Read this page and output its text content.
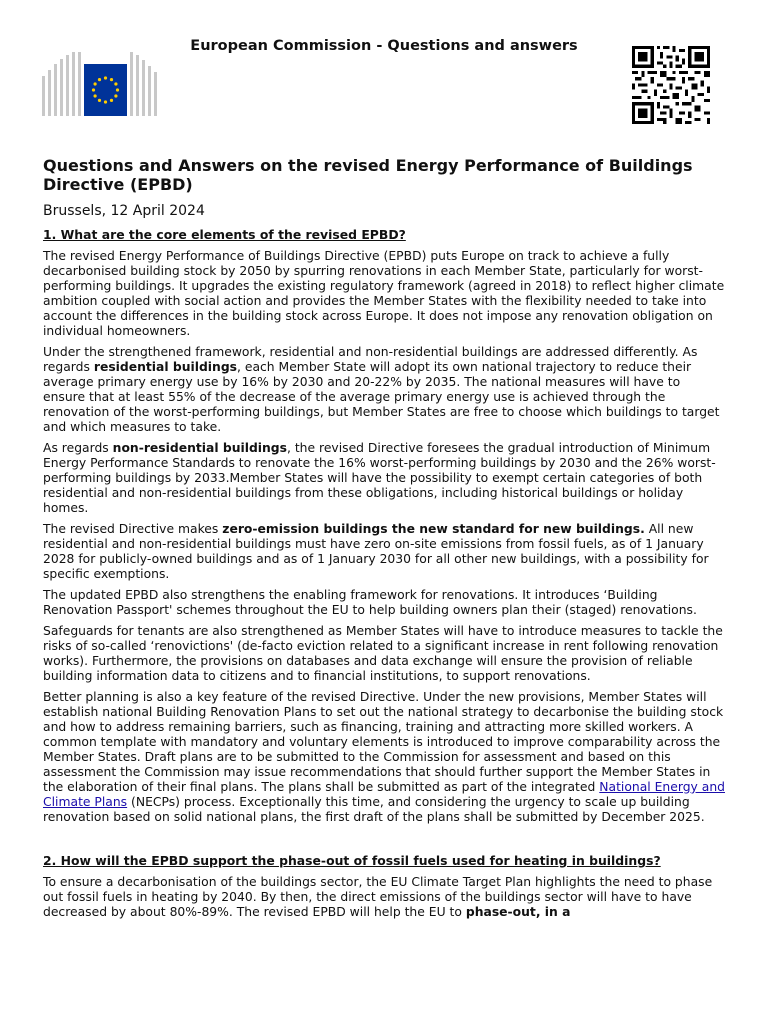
European Commission - Questions and answers
Questions and Answers on the revised Energy Performance of Buildings Directive (EPBD)
Brussels, 12 April 2024
1. What are the core elements of the revised EPBD?

The revised Energy Performance of Buildings Directive (EPBD) puts Europe on track to achieve a fully decarbonised building stock by 2050 by spurring renovations in each Member State, particularly for worst-performing buildings. It upgrades the existing regulatory framework (agreed in 2018) to reflect higher climate ambition coupled with social action and provides the Member States with the flexibility needed to take into account the differences in the building stock across Europe. It does not impose any renovation obligation on individual homeowners.

Under the strengthened framework, residential and non-residential buildings are addressed differently. As regards residential buildings, each Member State will adopt its own national trajectory to reduce their average primary energy use by 16% by 2030 and 20-22% by 2035. The national measures will have to ensure that at least 55% of the decrease of the average primary energy use is achieved through the renovation of the worst-performing buildings, but Member States are free to choose which buildings to target and which measures to take.

As regards non-residential buildings, the revised Directive foresees the gradual introduction of Minimum Energy Performance Standards to renovate the 16% worst-performing buildings by 2030 and the 26% worst-performing buildings by 2033.Member States will have the possibility to exempt certain categories of both residential and non-residential buildings from these obligations, including historical buildings or holiday homes.

The revised Directive makes zero-emission buildings the new standard for new buildings. All new residential and non-residential buildings must have zero on-site emissions from fossil fuels, as of 1 January 2028 for publicly-owned buildings and as of 1 January 2030 for all other new buildings, with a possibility for specific exemptions.

The updated EPBD also strengthens the enabling framework for renovations. It introduces ‘Building Renovation Passport' schemes throughout the EU to help building owners plan their (staged) renovations.

Safeguards for tenants are also strengthened as Member States will have to introduce measures to tackle the risks of so-called ‘renovictions' (de-facto eviction related to a significant increase in rent following renovation works). Furthermore, the provisions on databases and data exchange will ensure the provision of reliable building information data to citizens and to financial institutions, to support renovations.

Better planning is also a key feature of the revised Directive. Under the new provisions, Member States will establish national Building Renovation Plans to set out the national strategy to decarbonise the building stock and how to address remaining barriers, such as financing, training and attracting more skilled workers. A common template with mandatory and voluntary elements is introduced to improve comparability across the Member States. Draft plans are to be submitted to the Commission for assessment and based on this assessment the Commission may issue recommendations that should further support the Member States in the elaboration of their final plans. The plans shall be submitted as part of the integrated National Energy and Climate Plans (NECPs) process. Exceptionally this time, and considering the urgency to scale up building renovation based on solid national plans, the first draft of the plans shall be submitted by December 2025.

2. How will the EPBD support the phase-out of fossil fuels used for heating in buildings?

To ensure a decarbonisation of the buildings sector, the EU Climate Target Plan highlights the need to phase out fossil fuels in heating by 2040. By then, the direct emissions of the buildings sector will have to have decreased by about 80%-89%. The revised EPBD will help the EU to phase-out, in a
